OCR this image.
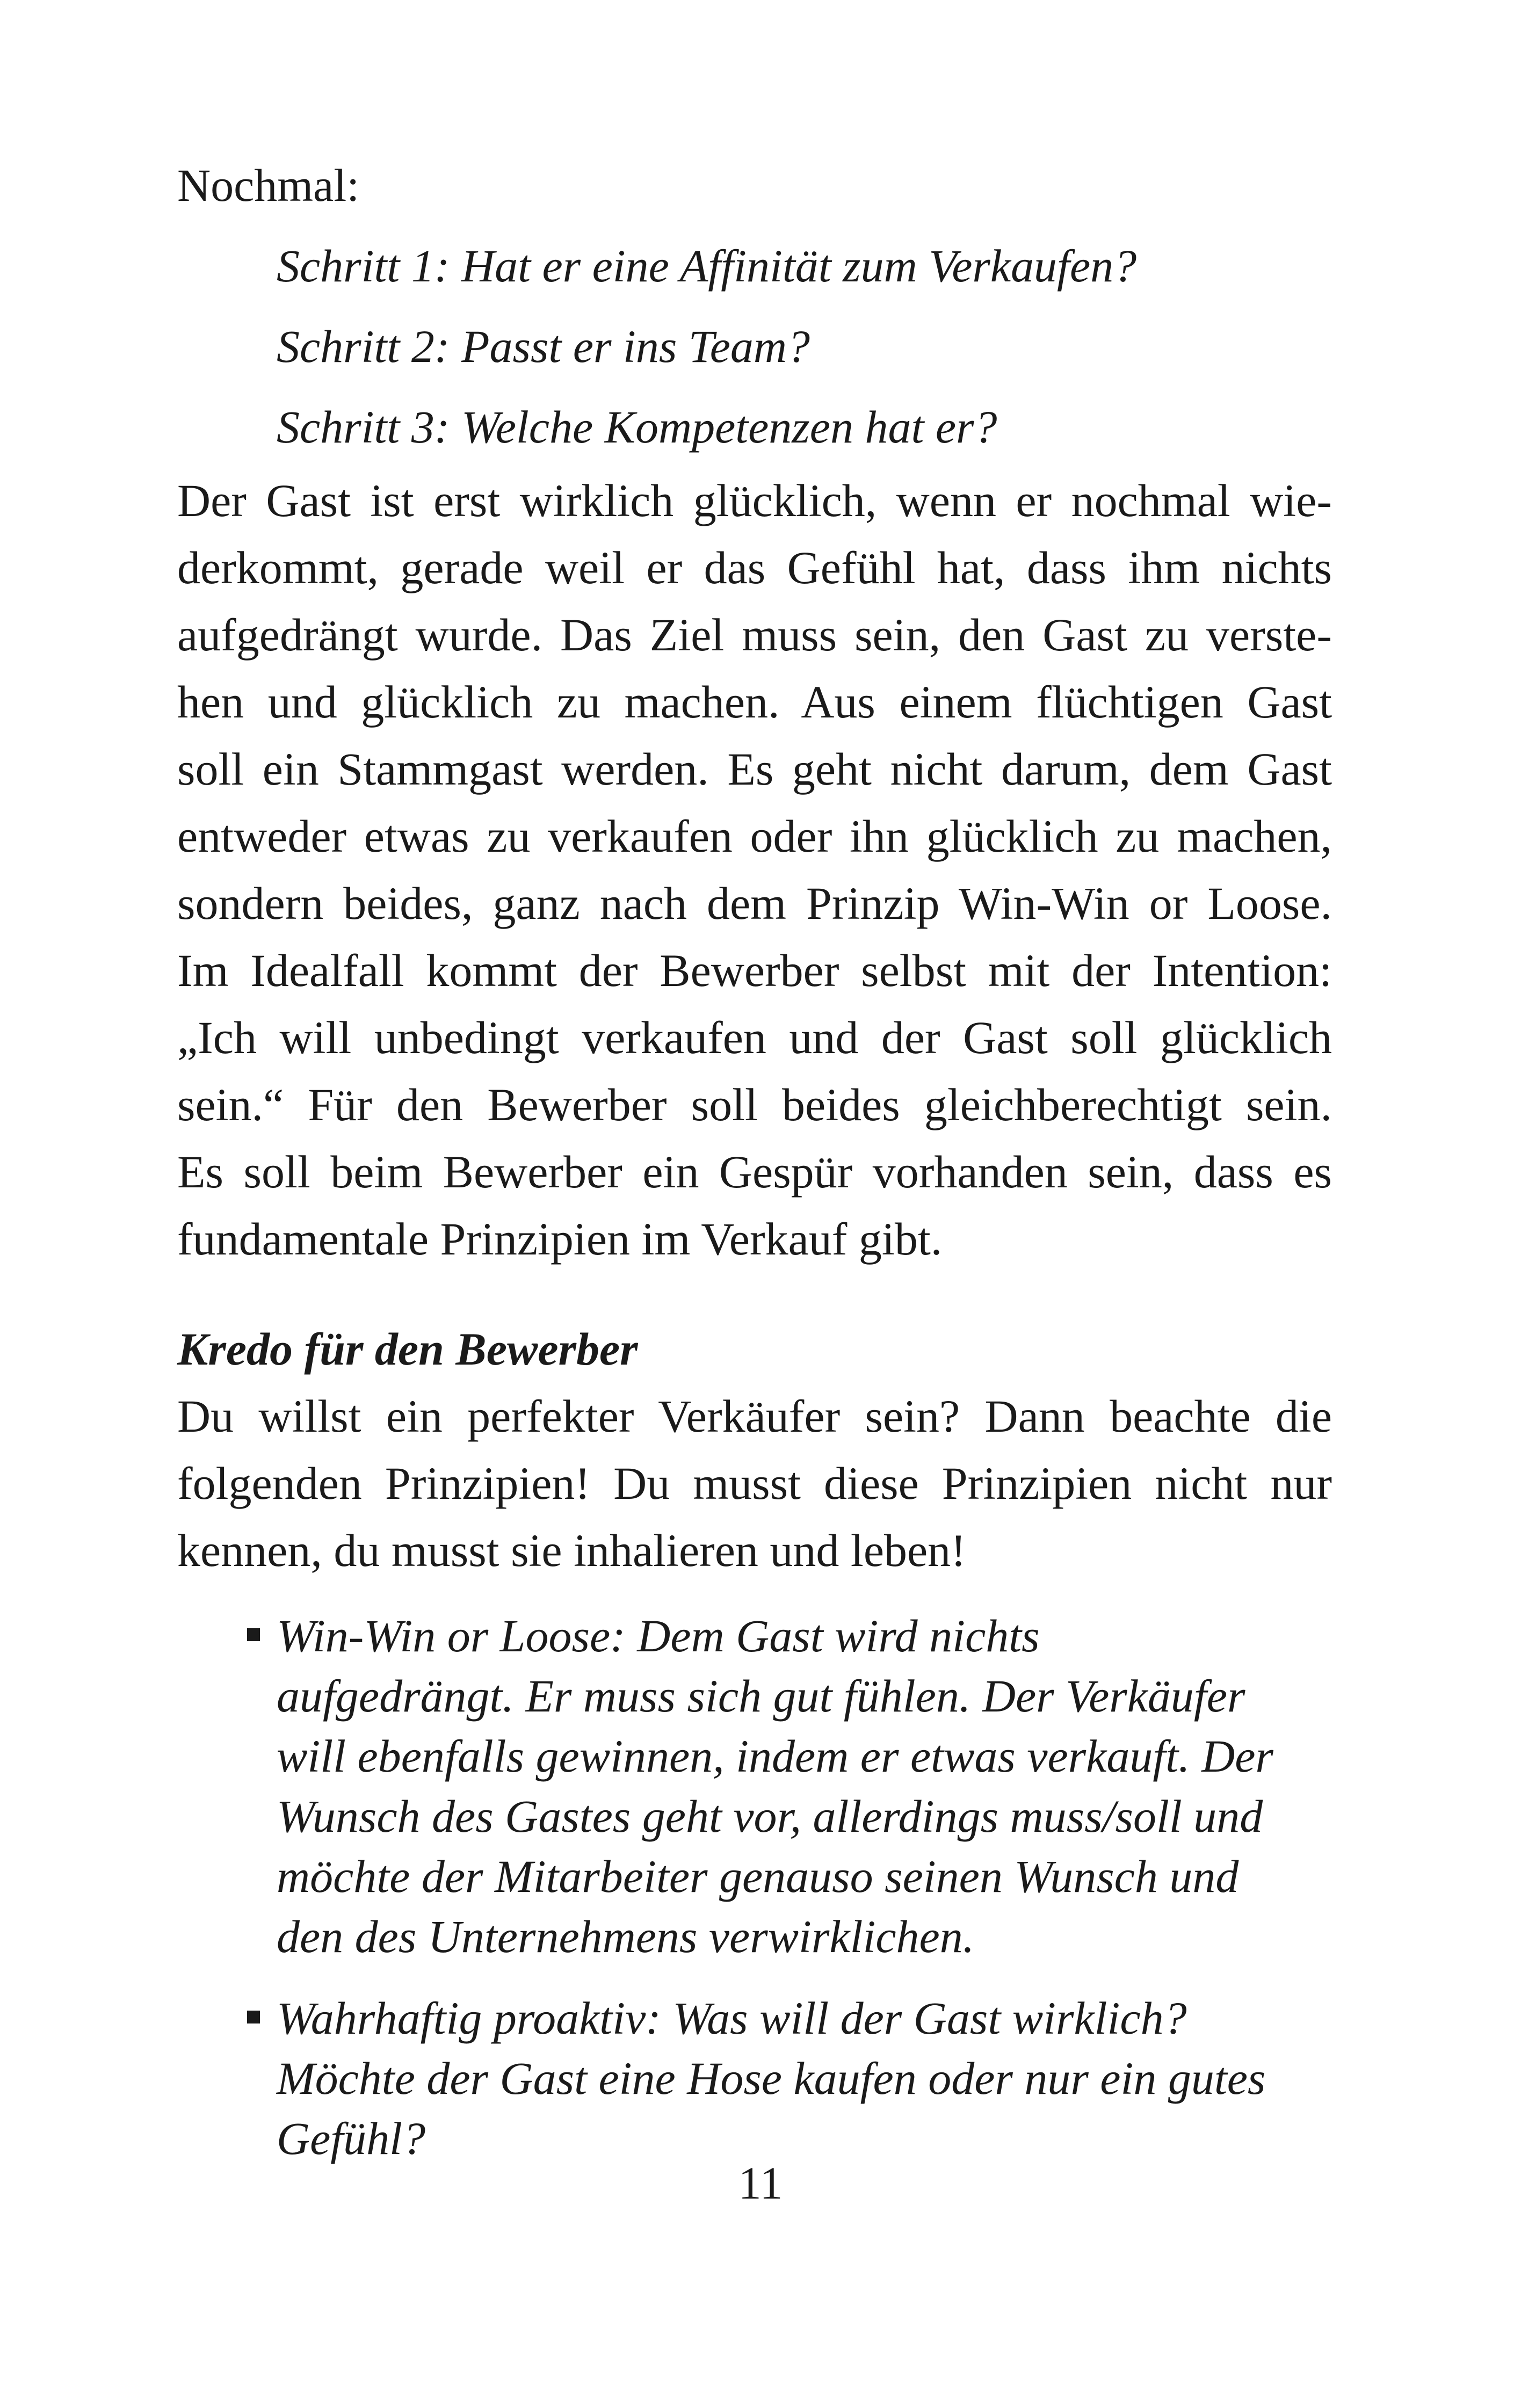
Nochmal:
Schritt 1: Hat er eine Affinität zum Verkaufen?
Schritt 2: Passt er ins Team?
Schritt 3: Welche Kompetenzen hat er?
Der Gast ist erst wirklich glücklich, wenn er nochmal wie-
derkommt, gerade weil er das Gefühl hat, dass ihm nichts
aufgedrängt wurde. Das Ziel muss sein, den Gast zu verste-
hen und glücklich zu machen. Aus einem flüchtigen Gast
soll ein Stammgast werden. Es geht nicht darum, dem Gast
entweder etwas zu verkaufen oder ihn glücklich zu machen,
sondern beides, ganz nach dem Prinzip Win-Win or Loose.
Im Idealfall kommt der Bewerber selbst mit der Intention:
„Ich will unbedingt verkaufen und der Gast soll glücklich
sein.“ Für den Bewerber soll beides gleichberechtigt sein.
Es soll beim Bewerber ein Gespür vorhanden sein, dass es
fundamentale Prinzipien im Verkauf gibt.
Kredo für den Bewerber
Du willst ein perfekter Verkäufer sein? Dann beachte die
folgenden Prinzipien! Du musst diese Prinzipien nicht nur
kennen, du musst sie inhalieren und leben!
Win-Win or Loose: Dem Gast wird nichts
aufgedrängt. Er muss sich gut fühlen. Der Verkäufer
will ebenfalls gewinnen, indem er etwas verkauft. Der
Wunsch des Gastes geht vor, allerdings muss/soll und
möchte der Mitarbeiter genauso seinen Wunsch und
den des Unternehmens verwirklichen.
Wahrhaftig proaktiv: Was will der Gast wirklich?
Möchte der Gast eine Hose kaufen oder nur ein gutes
Gefühl?
11
